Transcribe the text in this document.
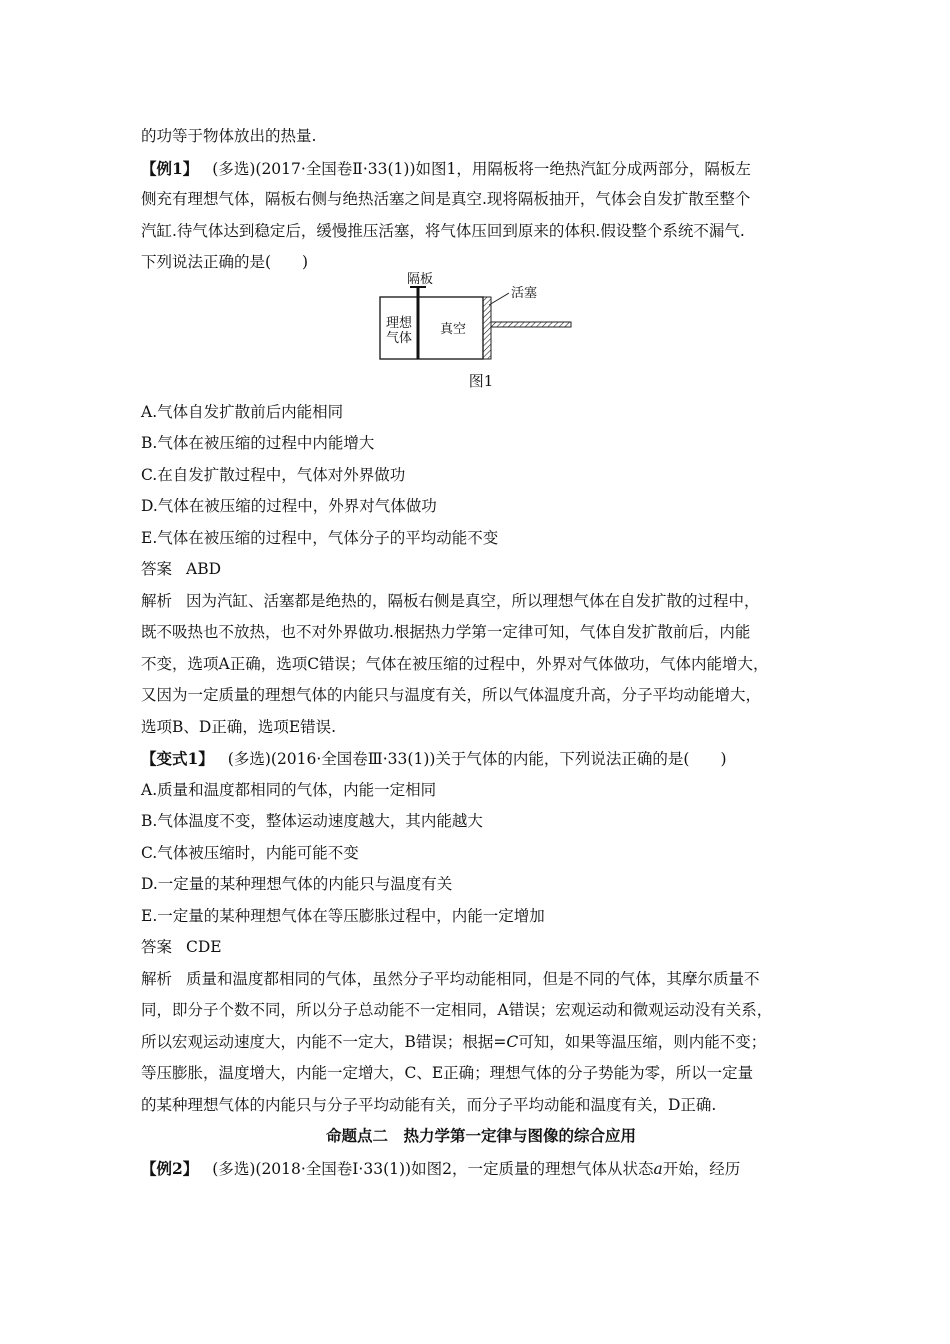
的功等于物体放出的热量.
【例1】 (多选)(2017·全国卷Ⅱ·33(1))如图1，用隔板将一绝热汽缸分成两部分，隔板左
侧充有理想气体，隔板右侧与绝热活塞之间是真空.现将隔板抽开，气体会自发扩散至整个
汽缸.待气体达到稳定后，缓慢推压活塞，将气体压回到原来的体积.假设整个系统不漏气.
下列说法正确的是(　　)
隔板
活塞
理想
气体
真空
图1
A.气体自发扩散前后内能相同
B.气体在被压缩的过程中内能增大
C.在自发扩散过程中，气体对外界做功
D.气体在被压缩的过程中，外界对气体做功
E.气体在被压缩的过程中，气体分子的平均动能不变
答案 ABD
解析 因为汽缸、活塞都是绝热的，隔板右侧是真空，所以理想气体在自发扩散的过程中，
既不吸热也不放热，也不对外界做功.根据热力学第一定律可知，气体自发扩散前后，内能
不变，选项A正确，选项C错误；气体在被压缩的过程中，外界对气体做功，气体内能增大，
又因为一定质量的理想气体的内能只与温度有关，所以气体温度升高，分子平均动能增大，
选项B、D正确，选项E错误.
【变式1】 (多选)(2016·全国卷Ⅲ·33(1))关于气体的内能，下列说法正确的是(　　)
A.质量和温度都相同的气体，内能一定相同
B.气体温度不变，整体运动速度越大，其内能越大
C.气体被压缩时，内能可能不变
D.一定量的某种理想气体的内能只与温度有关
E.一定量的某种理想气体在等压膨胀过程中，内能一定增加
答案 CDE
解析 质量和温度都相同的气体，虽然分子平均动能相同，但是不同的气体，其摩尔质量不
同，即分子个数不同，所以分子总动能不一定相同，A错误；宏观运动和微观运动没有关系，
所以宏观运动速度大，内能不一定大，B错误；根据=C可知，如果等温压缩，则内能不变；
等压膨胀，温度增大，内能一定增大，C、E正确；理想气体的分子势能为零，所以一定量
的某种理想气体的内能只与分子平均动能有关，而分子平均动能和温度有关，D正确.
命题点二　热力学第一定律与图像的综合应用
【例2】 (多选)(2018·全国卷Ⅰ·33(1))如图2，一定质量的理想气体从状态a开始，经历
